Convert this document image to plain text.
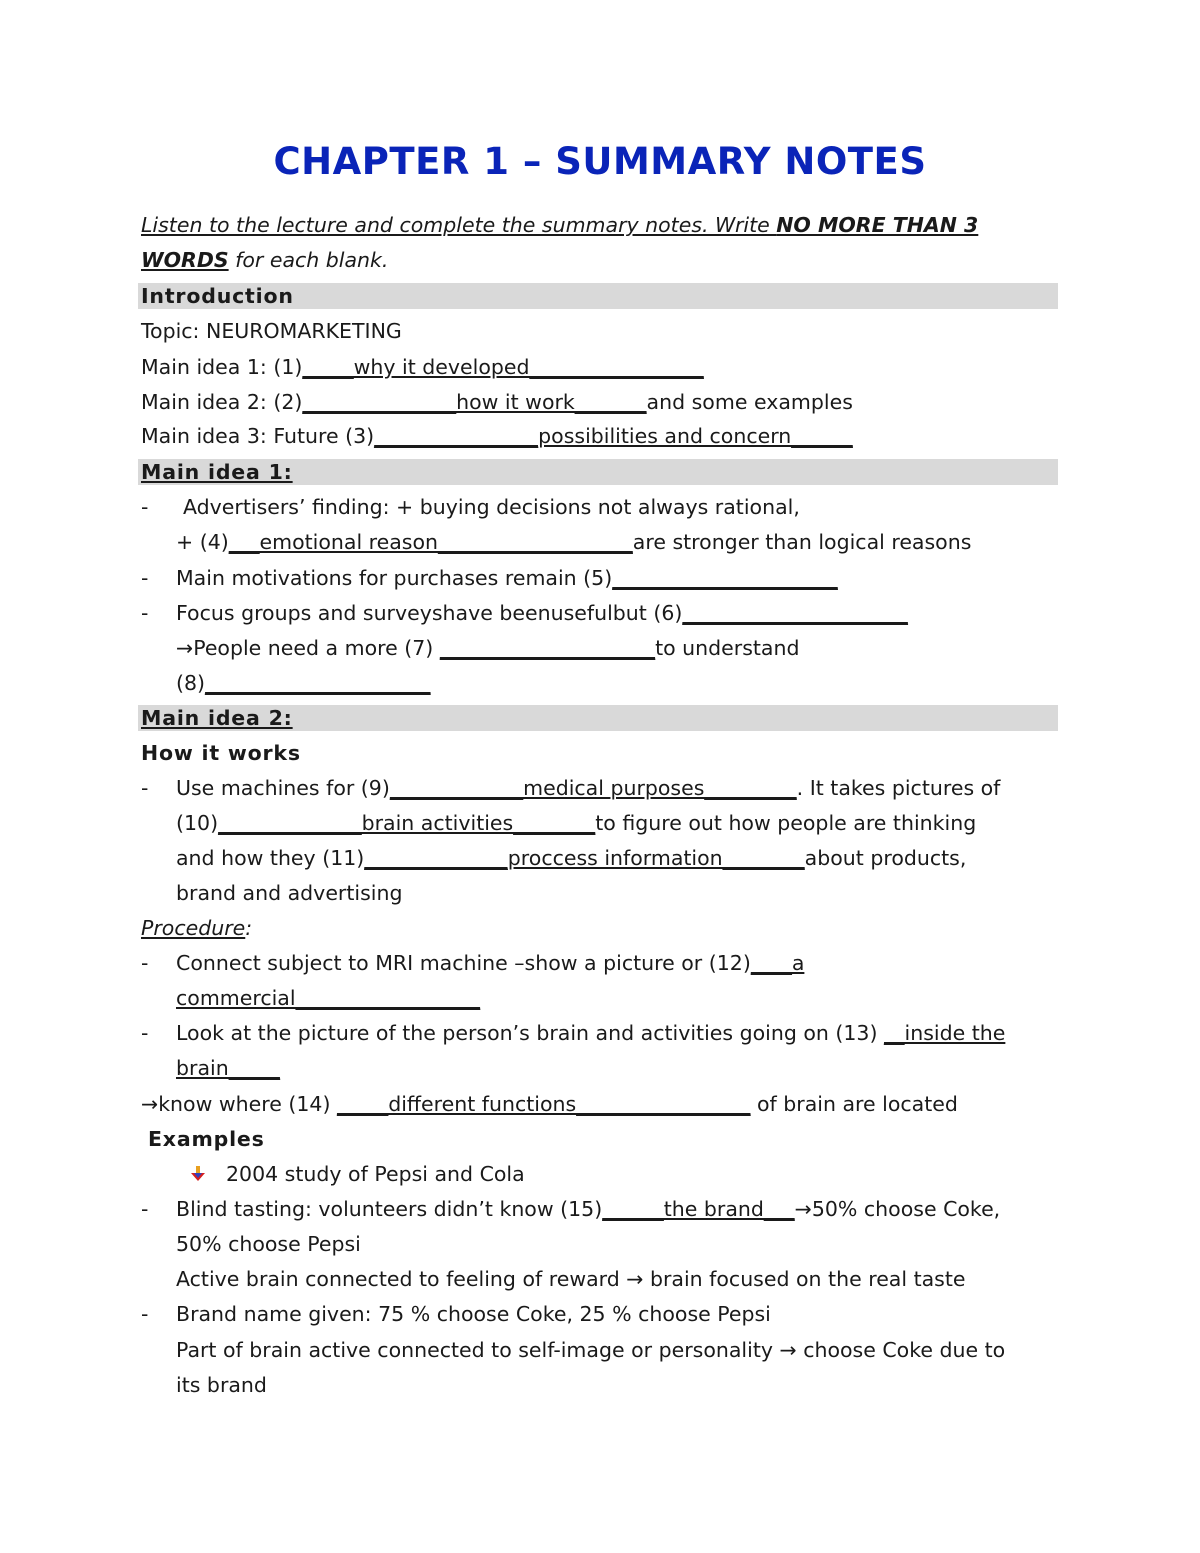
CHAPTER 1 – SUMMARY NOTES
Listen to the lecture and complete the summary notes. Write NO MORE THAN 3
WORDS for each blank.
Introduction
Topic: NEUROMARKETING
Main idea 1: (1)_____why it developed_________________
Main idea 2: (2)_______________how it work_______and some examples
Main idea 3: Future (3)________________possibilities and concern______
Main idea 1:
- Advertisers’ finding: + buying decisions not always rational,
+ (4)___emotional reason___________________are stronger than logical reasons
- Main motivations for purchases remain (5)______________________
- Focus groups and surveyshave beenusefulbut (6)______________________
→People need a more (7) _____________________to understand
(8)______________________
Main idea 2:
How it works
- Use machines for (9)_____________medical purposes_________. It takes pictures of
(10)______________brain activities________to figure out how people are thinking
and how they (11)______________proccess information________about products,
brand and advertising
Procedure:
- Connect subject to MRI machine –show a picture or (12)____a
commercial__________________
- Look at the picture of the person’s brain and activities going on (13) __inside the
brain_____
→know where (14) _____different functions_________________ of brain are located
Examples
2004 study of Pepsi and Cola
- Blind tasting: volunteers didn’t know (15)______the brand___→50% choose Coke,
50% choose Pepsi
Active brain connected to feeling of reward → brain focused on the real taste
- Brand name given: 75 % choose Coke, 25 % choose Pepsi
Part of brain active connected to self-image or personality → choose Coke due to
its brand
